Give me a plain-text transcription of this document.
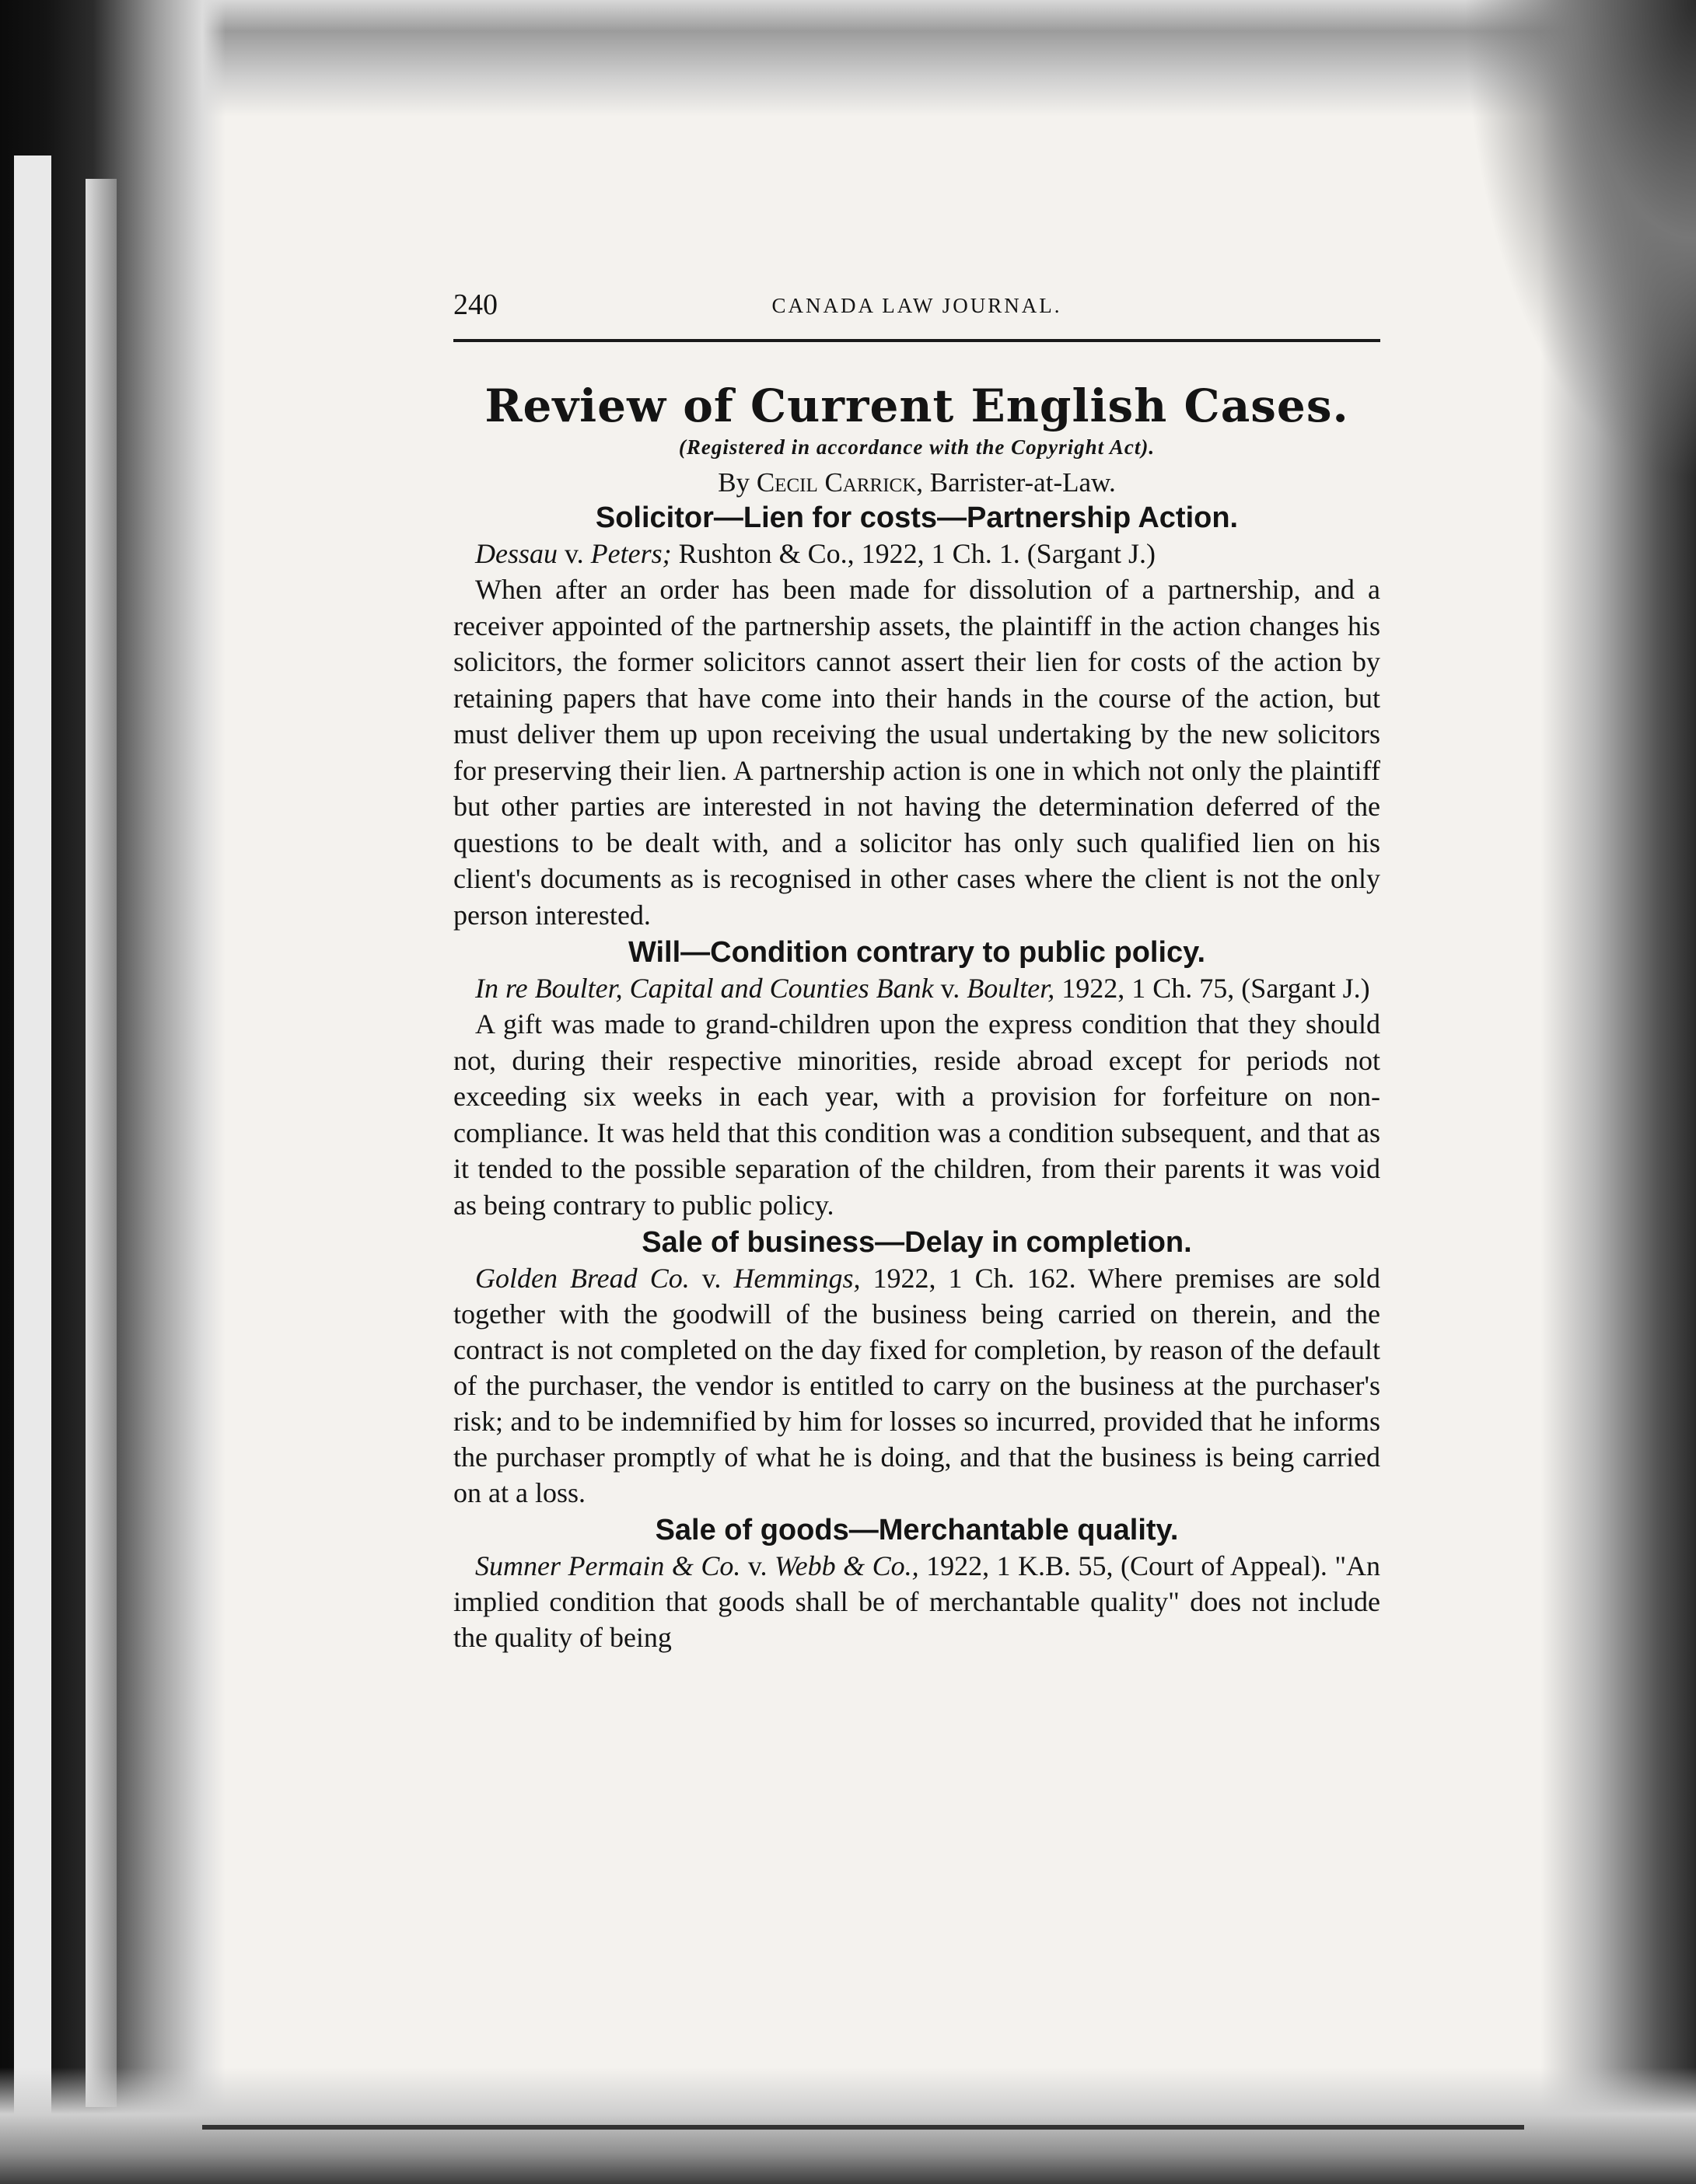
240	CANADA LAW JOURNAL.
Review of Current English Cases.
(Registered in accordance with the Copyright Act).
By Cecil Carrick, Barrister-at-Law.
Solicitor—Lien for costs—Partnership Action.
Dessau v. Peters; Rushton & Co., 1922, 1 Ch. 1. (Sargant J.)
When after an order has been made for dissolution of a partnership, and a receiver appointed of the partnership assets, the plaintiff in the action changes his solicitors, the former solicitors cannot assert their lien for costs of the action by retaining papers that have come into their hands in the course of the action, but must deliver them up upon receiving the usual undertaking by the new solicitors for preserving their lien. A partnership action is one in which not only the plaintiff but other parties are interested in not having the determination deferred of the questions to be dealt with, and a solicitor has only such qualified lien on his client's documents as is recognised in other cases where the client is not the only person interested.
Will—Condition contrary to public policy.
In re Boulter, Capital and Counties Bank v. Boulter, 1922, 1 Ch. 75, (Sargant J.)
A gift was made to grand-children upon the express condition that they should not, during their respective minorities, reside abroad except for periods not exceeding six weeks in each year, with a provision for forfeiture on non-compliance. It was held that this condition was a condition subsequent, and that as it tended to the possible separation of the children, from their parents it was void as being contrary to public policy.
Sale of business—Delay in completion.
Golden Bread Co. v. Hemmings, 1922, 1 Ch. 162. Where premises are sold together with the goodwill of the business being carried on therein, and the contract is not completed on the day fixed for completion, by reason of the default of the purchaser, the vendor is entitled to carry on the business at the purchaser's risk; and to be indemnified by him for losses so incurred, provided that he informs the purchaser promptly of what he is doing, and that the business is being carried on at a loss.
Sale of goods—Merchantable quality.
Sumner Permain & Co. v. Webb & Co., 1922, 1 K.B. 55, (Court of Appeal). "An implied condition that goods shall be of merchantable quality" does not include the quality of being
